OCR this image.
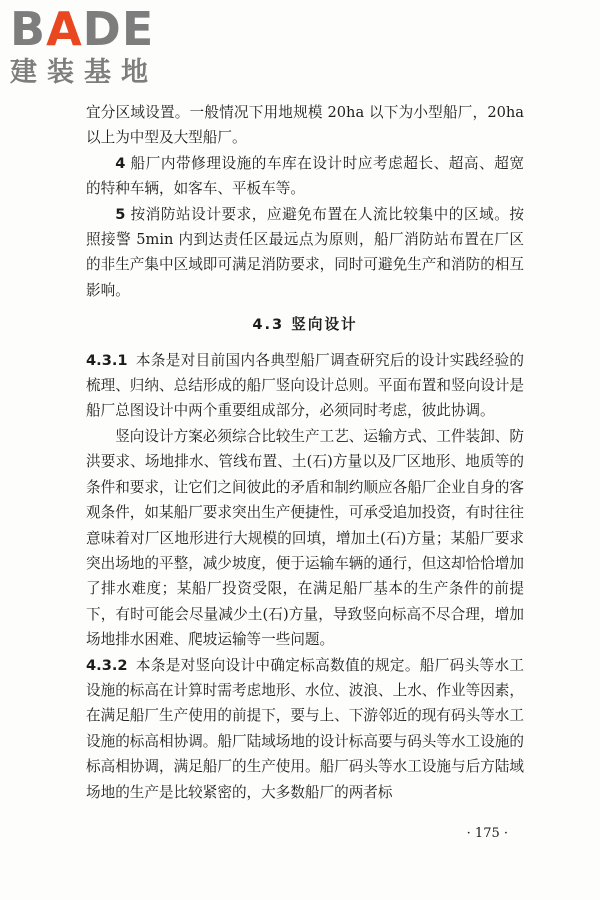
BADE
建装基地

宜分区域设置。一般情况下用地规模 20ha 以下为小型船厂，20ha 以上为中型及大型船厂。

4 船厂内带修理设施的车库在设计时应考虑超长、超高、超宽的特种车辆，如客车、平板车等。

5 按消防站设计要求，应避免布置在人流比较集中的区域。按照接警 5min 内到达责任区最远点为原则，船厂消防站布置在厂区的非生产集中区域即可满足消防要求，同时可避免生产和消防的相互影响。

4.3 竖向设计

4.3.1 本条是对目前国内各典型船厂调查研究后的设计实践经验的梳理、归纳、总结形成的船厂竖向设计总则。平面布置和竖向设计是船厂总图设计中两个重要组成部分，必须同时考虑，彼此协调。

竖向设计方案必须综合比较生产工艺、运输方式、工件装卸、防洪要求、场地排水、管线布置、土(石)方量以及厂区地形、地质等的条件和要求，让它们之间彼此的矛盾和制约顺应各船厂企业自身的客观条件，如某船厂要求突出生产便捷性，可承受追加投资，有时往往意味着对厂区地形进行大规模的回填，增加土(石)方量；某船厂要求突出场地的平整，减少坡度，便于运输车辆的通行，但这却恰恰增加了排水难度；某船厂投资受限，在满足船厂基本的生产条件的前提下，有时可能会尽量减少土(石)方量，导致竖向标高不尽合理，增加场地排水困难、爬坡运输等一些问题。

4.3.2 本条是对竖向设计中确定标高数值的规定。船厂码头等水工设施的标高在计算时需考虑地形、水位、波浪、上水、作业等因素，在满足船厂生产使用的前提下，要与上、下游邻近的现有码头等水工设施的标高相协调。船厂陆域场地的设计标高要与码头等水工设施的标高相协调，满足船厂的生产使用。船厂码头等水工设施与后方陆域场地的生产是比较紧密的，大多数船厂的两者标

· 175 ·
